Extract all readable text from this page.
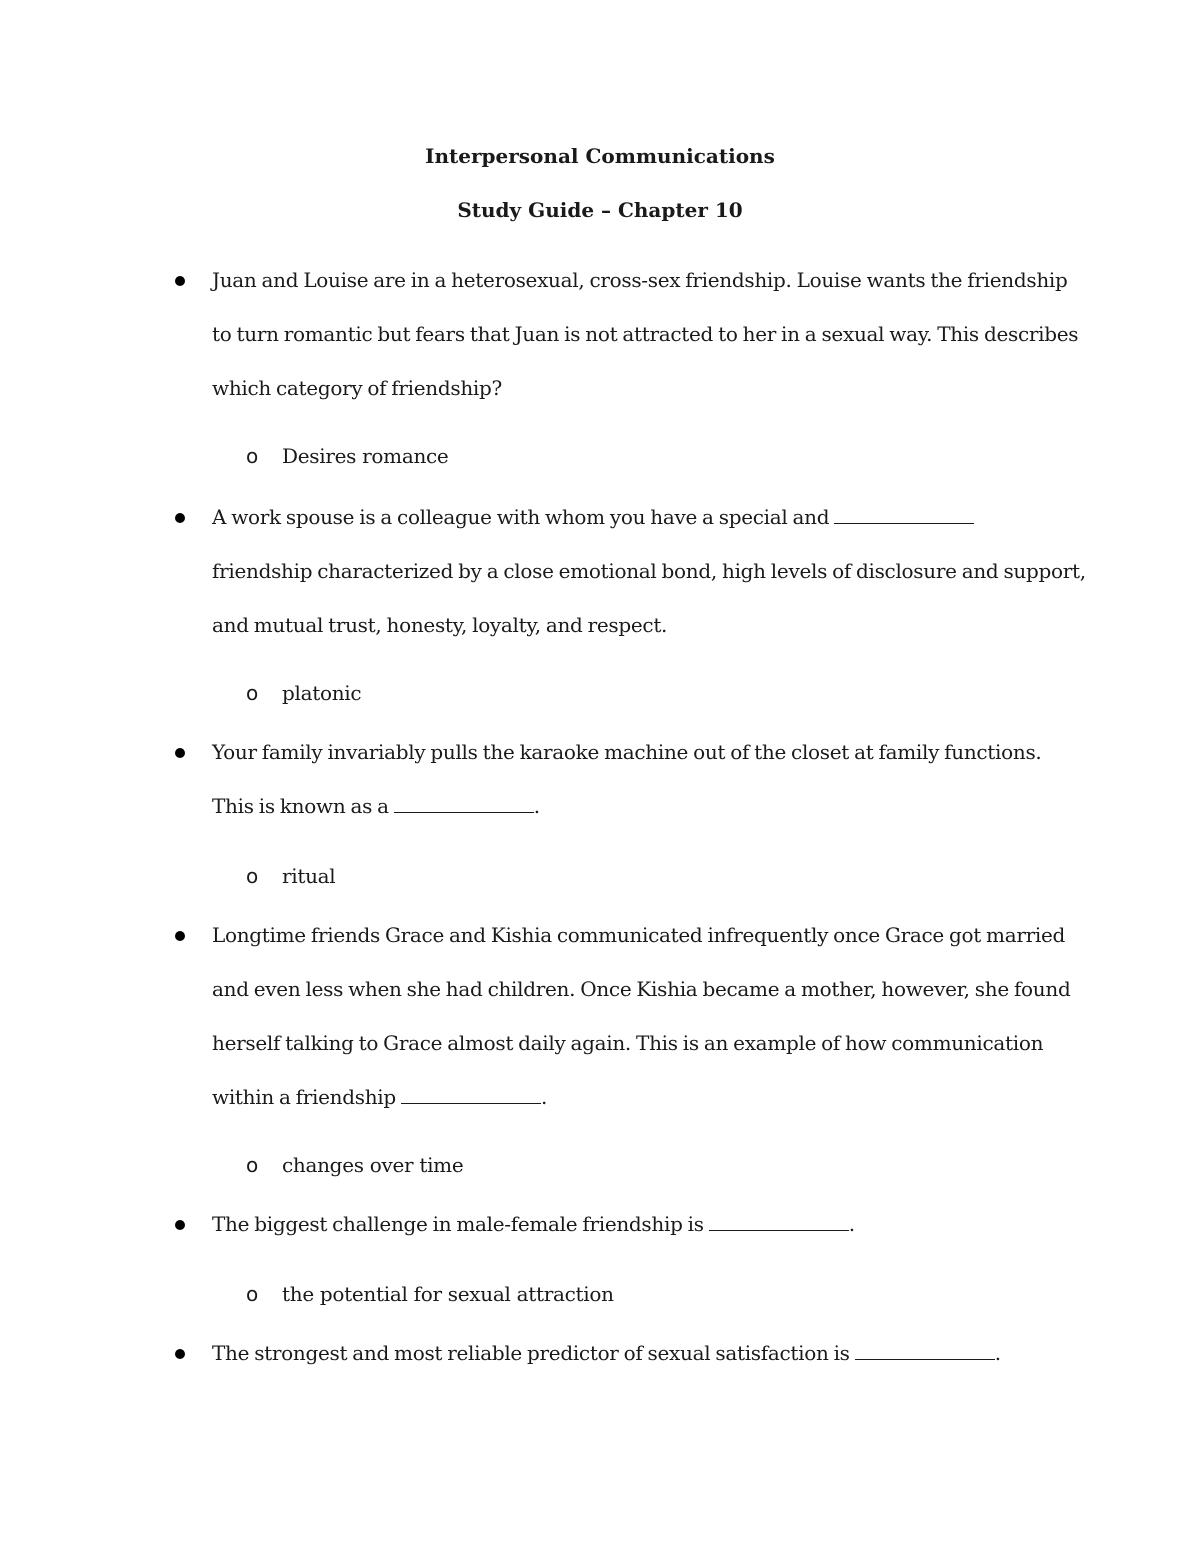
Interpersonal Communications
Study Guide – Chapter 10
Juan and Louise are in a heterosexual, cross-sex friendship. Louise wants the friendship
to turn romantic but fears that Juan is not attracted to her in a sexual way. This describes
which category of friendship?
o Desires romance
A work spouse is a colleague with whom you have a special and
friendship characterized by a close emotional bond, high levels of disclosure and support,
and mutual trust, honesty, loyalty, and respect.
o platonic
Your family invariably pulls the karaoke machine out of the closet at family functions.
This is known as a	.
o ritual
Longtime friends Grace and Kishia communicated infrequently once Grace got married
and even less when she had children. Once Kishia became a mother, however, she found
herself talking to Grace almost daily again. This is an example of how communication
within a friendship	.
o changes over time
The biggest challenge in male-female friendship is	.
o the potential for sexual attraction
The strongest and most reliable predictor of sexual satisfaction is	.
